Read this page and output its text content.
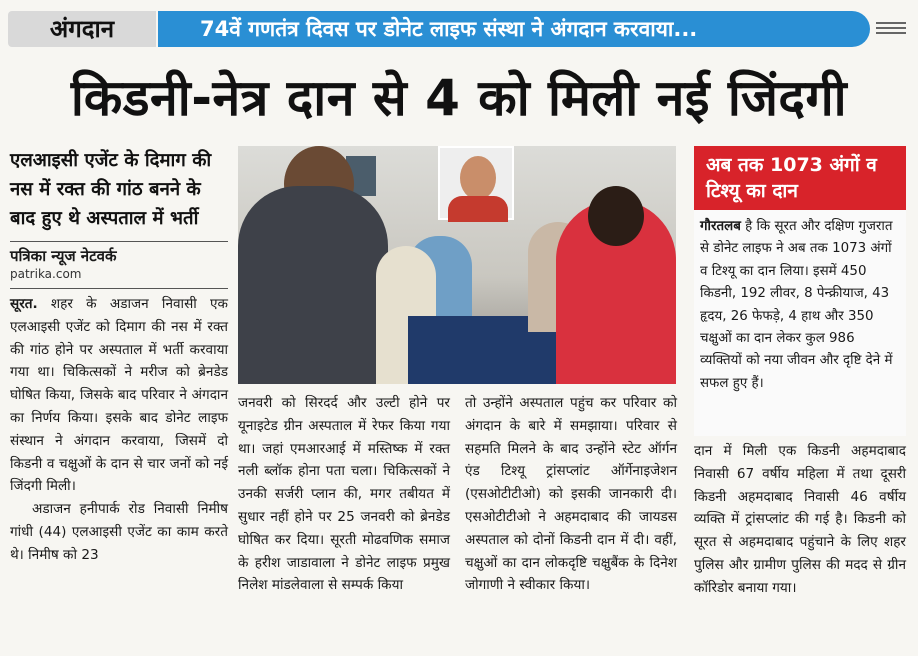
अंगदान	74वें गणतंत्र दिवस पर डोनेट लाइफ संस्था ने अंगदान करवाया...
किडनी-नेत्र दान से 4 को मिली नई जिंदगी
एलआइसी एजेंट के दिमाग की नस में रक्त की गांठ बनने के बाद हुए थे अस्पताल में भर्ती
पत्रिका न्यूज नेटवर्क
patrika.com

सूरत. शहर के अडाजन निवासी एक एलआइसी एजेंट को दिमाग की नस में रक्त की गांठ होने पर अस्पताल में भर्ती करवाया गया था। चिकित्सकों ने मरीज को ब्रेनडेड घोषित किया, जिसके बाद परिवार ने अंगदान का निर्णय किया। इसके बाद डोनेट लाइफ संस्थान ने अंगदान करवाया, जिसमें दो किडनी व चक्षुओं के दान से चार जनों को नई जिंदगी मिली।

अडाजन हनीपार्क रोड निवासी निमीष गांधी (44) एलआइसी एजेंट का काम करते थे। निमीष को 23

जनवरी को सिरदर्द और उल्टी होने पर यूनाइटेड ग्रीन अस्पताल में रेफर किया गया था। जहां एमआरआई में मस्तिष्क में रक्त नली ब्लॉक होना पता चला। चिकित्सकों ने उनकी सर्जरी प्लान की, मगर तबीयत में सुधार नहीं होने पर 25 जनवरी को ब्रेनडेड घोषित कर दिया। सूरती मोढवणिक समाज के हरीश जाडावाला ने डोनेट लाइफ प्रमुख निलेश मांडलेवाला से सम्पर्क किया
तो उन्होंने अस्पताल पहुंच कर परिवार को अंगदान के बारे में समझाया। परिवार से सहमति मिलने के बाद उन्होंने स्टेट ऑर्गन एंड टिश्यू ट्रांसप्लांट ऑर्गेनाइजेशन (एसओटीटीओ) को इसकी जानकारी दी। एसओटीटीओ ने अहमदाबाद की जायडस अस्पताल को दोनों किडनी दान में दी। वहीं, चक्षुओं का दान लोकदृष्टि चक्षुबैंक के दिनेश जोगाणी ने स्वीकार किया।
अब तक 1073 अंगों व टिश्यू का दान

गौरतलब है कि सूरत और दक्षिण गुजरात से डोनेट लाइफ ने अब तक 1073 अंगों व टिश्यू का दान लिया। इसमें 450 किडनी, 192 लीवर, 8 पेन्क्रीयाज, 43 हृदय, 26 फेफड़े, 4 हाथ और 350 चक्षुओं का दान लेकर कुल 986 व्यक्तियों को नया जीवन और दृष्टि देने में सफल हुए हैं।

दान में मिली एक किडनी अहमदाबाद निवासी 67 वर्षीय महिला में तथा दूसरी किडनी अहमदाबाद निवासी 46 वर्षीय व्यक्ति में ट्रांसप्लांट की गई है। किडनी को सूरत से अहमदाबाद पहुंचाने के लिए शहर पुलिस और ग्रामीण पुलिस की मदद से ग्रीन कॉरिडोर बनाया गया।
